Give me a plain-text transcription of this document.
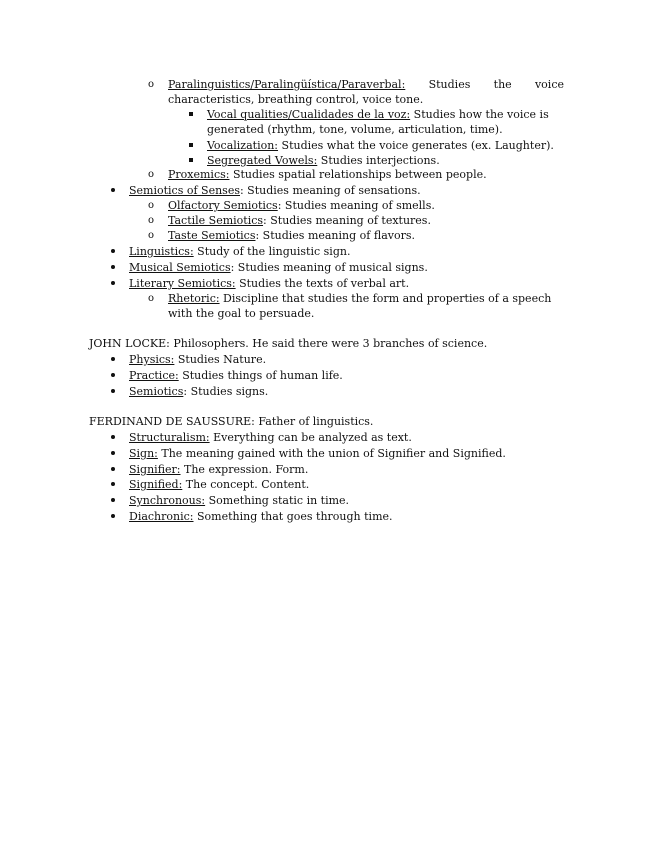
o Paralinguistics/Paralingüística/Paraverbal: Studies the voice
characteristics, breathing control, voice tone.
Vocal qualities/Cualidades de la voz: Studies how the voice is
generated (rhythm, tone, volume, articulation, time).
Vocalization: Studies what the voice generates (ex. Laughter).
Segregated Vowels: Studies interjections.
o Proxemics: Studies spatial relationships between people.
Semiotics of Senses: Studies meaning of sensations.
o Olfactory Semiotics: Studies meaning of smells.
o Tactile Semiotics: Studies meaning of textures.
o Taste Semiotics: Studies meaning of flavors.
Linguistics: Study of the linguistic sign.
Musical Semiotics: Studies meaning of musical signs.
Literary Semiotics: Studies the texts of verbal art.
o Rhetoric: Discipline that studies the form and properties of a speech
with the goal to persuade.
JOHN LOCKE: Philosophers. He said there were 3 branches of science.
Physics: Studies Nature.
Practice: Studies things of human life.
Semiotics: Studies signs.
FERDINAND DE SAUSSURE: Father of linguistics.
Structuralism: Everything can be analyzed as text.
Sign: The meaning gained with the union of Signifier and Signified.
Signifier: The expression. Form.
Signified: The concept. Content.
Synchronous: Something static in time.
Diachronic: Something that goes through time.
